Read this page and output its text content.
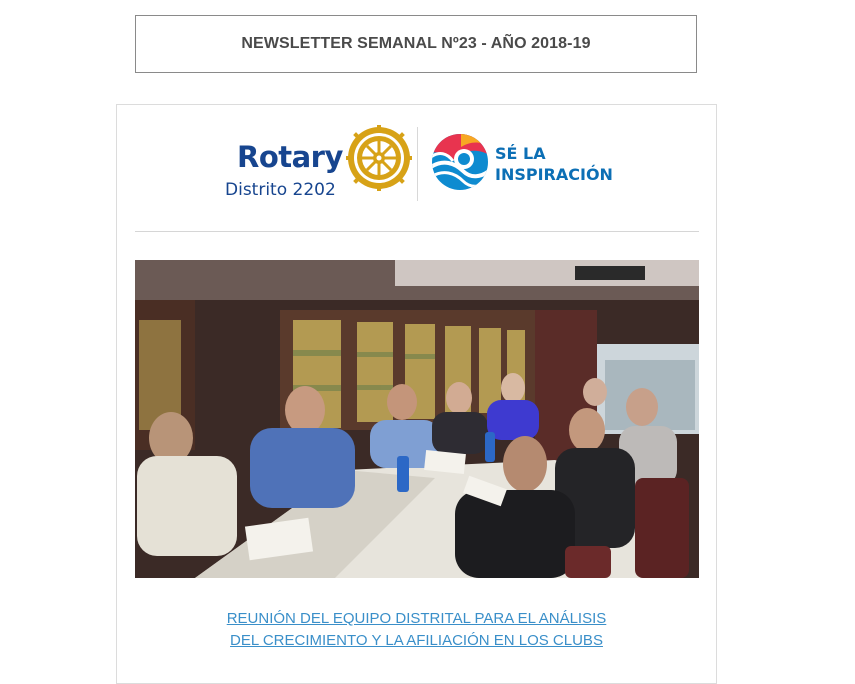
NEWSLETTER SEMANAL Nº23 - AÑO 2018-19
Rotary
Distrito 2202
SÉ LA
INSPIRACIÓN
REUNIÓN DEL EQUIPO DISTRITAL PARA EL ANÁLISIS
DEL CRECIMIENTO Y LA AFILIACIÓN EN LOS CLUBS
